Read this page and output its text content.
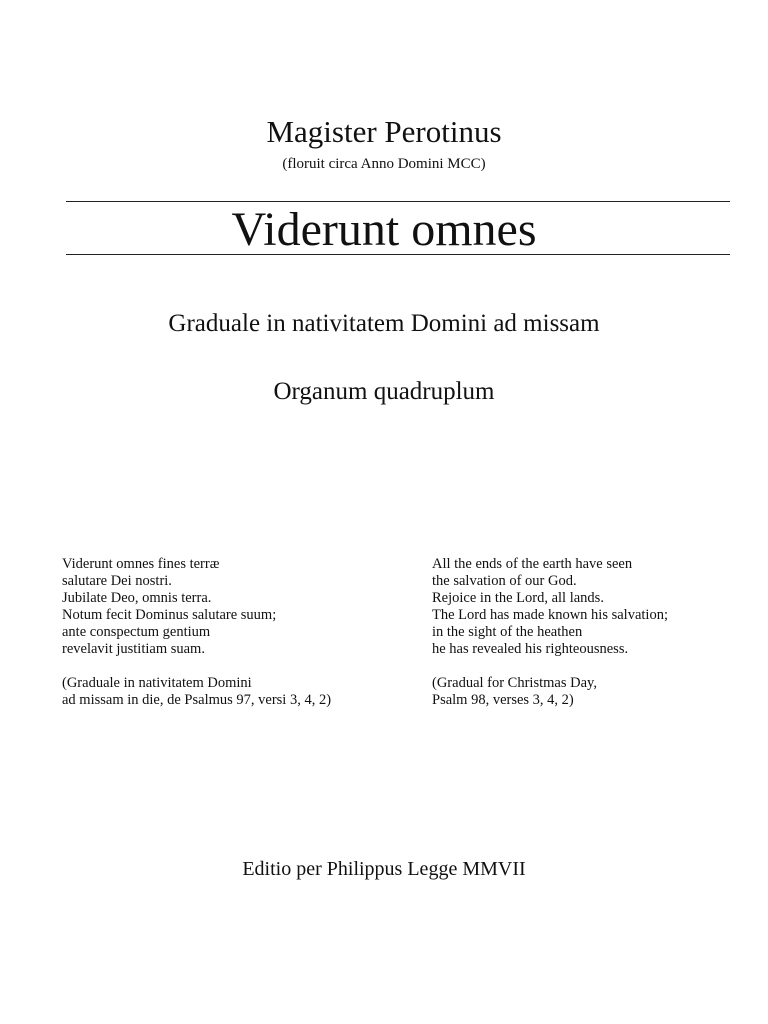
Magister Perotinus
(floruit circa Anno Domini MCC)
Viderunt omnes
Graduale in nativitatem Domini ad missam
Organum quadruplum
Viderunt omnes fines terræ
salutare Dei nostri.
Jubilate Deo, omnis terra.
Notum fecit Dominus salutare suum;
ante conspectum gentium
revelavit justitiam suam.
(Graduale in nativitatem Domini
ad missam in die, de Psalmus 97, versi 3, 4, 2)
All the ends of the earth have seen
the salvation of our God.
Rejoice in the Lord, all lands.
The Lord has made known his salvation;
in the sight of the heathen
he has revealed his righteousness.
(Gradual for Christmas Day,
Psalm 98, verses 3, 4, 2)
Editio per Philippus Legge MMVII
